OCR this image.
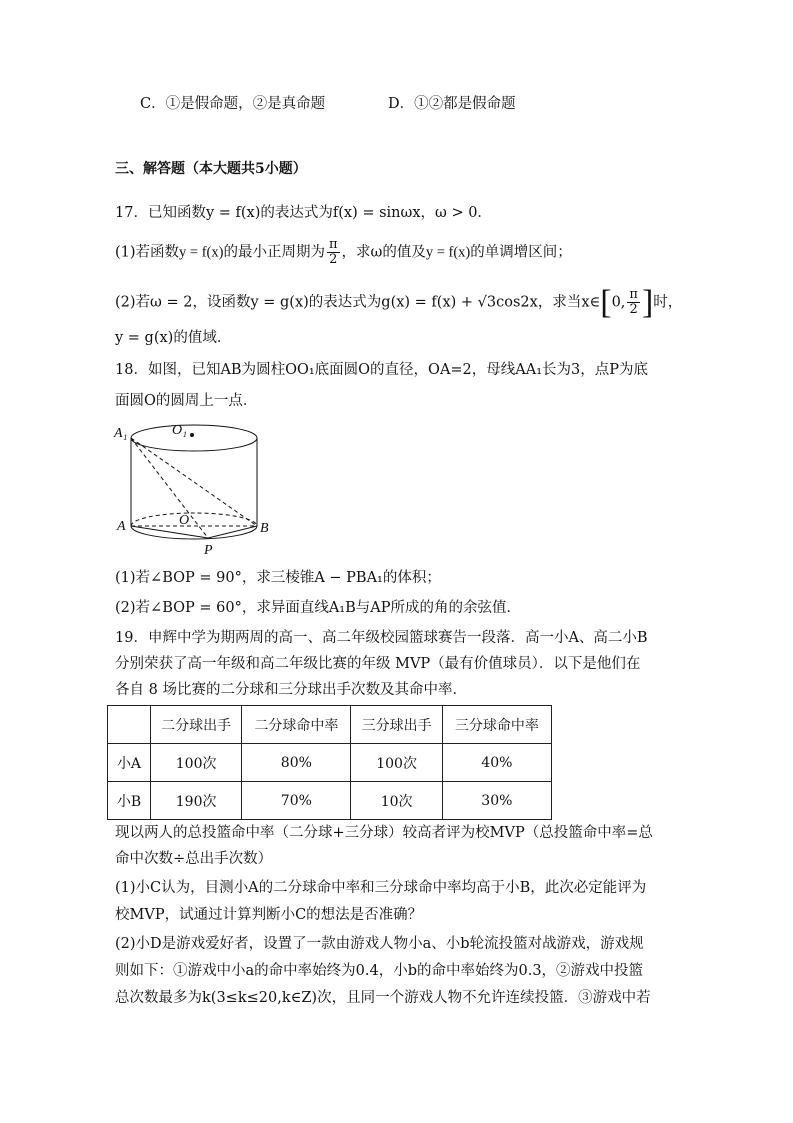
C．①是假命题，②是真命题	D．①②都是假命题
三、解答题（本大题共5小题）
17．已知函数y = f(x)的表达式为f(x) = sinωx，ω > 0．
(1)若函数y = f(x)的最小正周期为 $\frac{\pi}{2}$ ，求ω的值及y = f(x)的单调增区间；
(2)若ω = 2，设函数y = g(x)的表达式为g(x) = f(x) + √3cos2x，求当x∈[0, $\frac{\pi}{2}$ ]时，
y = g(x)的值域．
18．如图，已知AB为圆柱OO₁底面圆O的直径，OA=2，母线AA₁长为3，点P为底
面圆O的圆周上一点．
A₁	O₁
O
A	B
P
(1)若∠BOP = 90°，求三棱锥A − PBA₁的体积；
(2)若∠BOP = 60°，求异面直线A₁B与AP所成的角的余弦值．
19．申辉中学为期两周的高一、高二年级校园篮球赛告一段落．高一小A、高二小B
分别荣获了高一年级和高二年级比赛的年级 MVP（最有价值球员）．以下是他们在
各自 8 场比赛的二分球和三分球出手次数及其命中率．
	二分球出手	二分球命中率	三分球出手	三分球命中率
小A	100次	80%	100次	40%
小B	190次	70%	10次	30%
现以两人的总投篮命中率（二分球+三分球）较高者评为校MVP（总投篮命中率=总
命中次数÷总出手次数）
(1)小C认为，目测小A的二分球命中率和三分球命中率均高于小B，此次必定能评为
校MVP，试通过计算判断小C的想法是否准确？
(2)小D是游戏爱好者，设置了一款由游戏人物小a、小b轮流投篮对战游戏，游戏规
则如下：①游戏中小a的命中率始终为0.4，小b的命中率始终为0.3，②游戏中投篮
总次数最多为k(3≤k≤20,k∈Z)次，且同一个游戏人物不允许连续投篮．③游戏中若
